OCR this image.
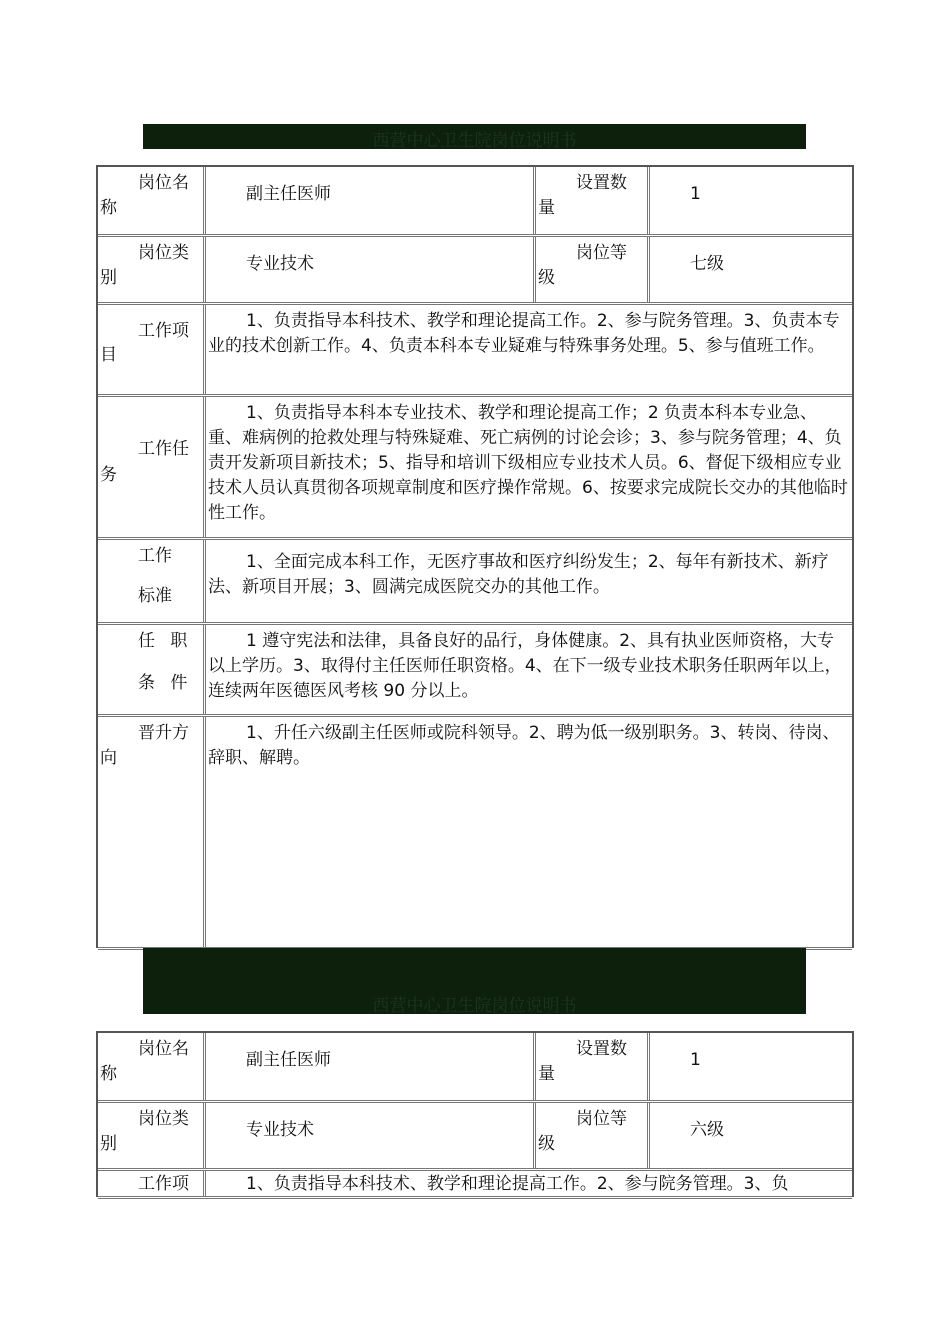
西营中心卫生院岗位说明书
岗位名
称
副主任医师
设置数
量
1
岗位类
别
专业技术
岗位等
级
七级
工作项
目
1、负责指导本科技术、教学和理论提高工作。2、参与院务管理。3、负责本专业的技术创新工作。4、负责本科本专业疑难与特殊事务处理。5、参与值班工作。
工作任
务
1、负责指导本科本专业技术、教学和理论提高工作；2 负责本科本专业急、重、难病例的抢救处理与特殊疑难、死亡病例的讨论会诊；3、参与院务管理；4、负责开发新项目新技术；5、指导和培训下级相应专业技术人员。6、督促下级相应专业技术人员认真贯彻各项规章制度和医疗操作常规。6、按要求完成院长交办的其他临时性工作。
工作
标准
1、全面完成本科工作，无医疗事故和医疗纠纷发生；2、每年有新技术、新疗法、新项目开展；3、圆满完成医院交办的其他工作。
任 职
条 件
1 遵守宪法和法律，具备良好的品行，身体健康。2、具有执业医师资格，大专以上学历。3、取得付主任医师任职资格。4、在下一级专业技术职务任职两年以上，连续两年医德医风考核 90 分以上。
晋升方
向
1、升任六级副主任医师或院科领导。2、聘为低一级别职务。3、转岗、待岗、辞职、解聘。
西营中心卫生院岗位说明书
岗位名
称
副主任医师
设置数
量
1
岗位类
别
专业技术
岗位等
级
六级
工作项	1、负责指导本科技术、教学和理论提高工作。2、参与院务管理。3、负
